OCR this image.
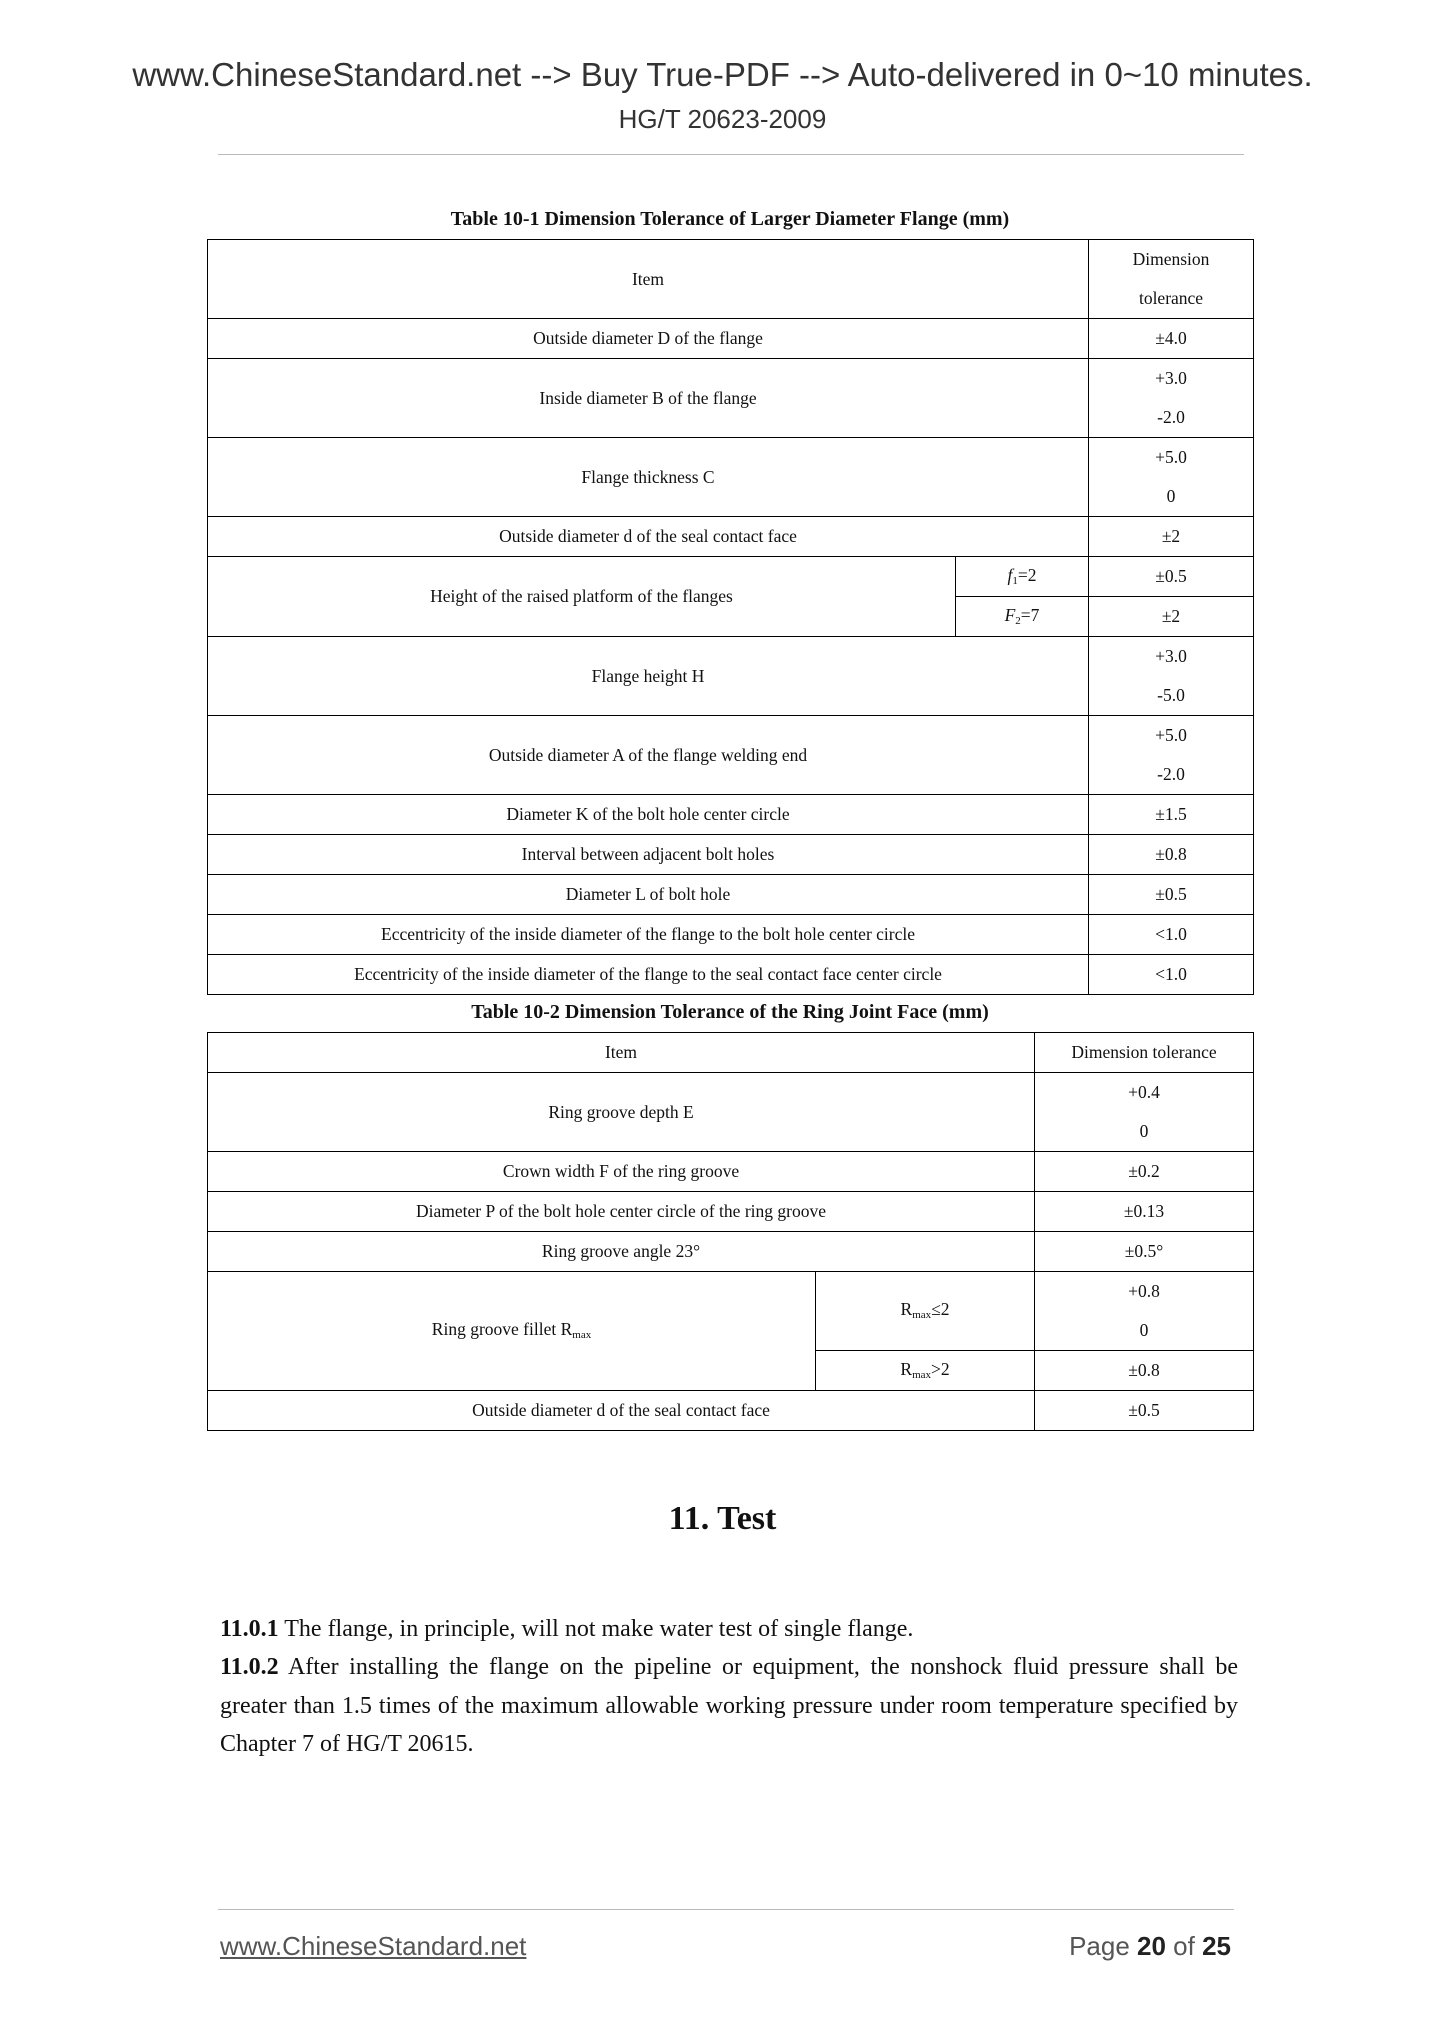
www.ChineseStandard.net --> Buy True-PDF --> Auto-delivered in 0~10 minutes.
HG/T 20623-2009
Table 10-1 Dimension Tolerance of Larger Diameter Flange (mm)
Item		Dimension
tolerance

Outside diameter D of the flange		±4.0
Inside diameter B of the flange		+3.0
-2.0

Flange thickness C		+5.0
0

Outside diameter d of the seal contact face		±2
Height of the raised platform of the flanges	$f_1=2$	±0.5
	$F_2=7$	±2
Flange height H		+3.0
-5.0

Outside diameter A of the flange welding end		+5.0
-2.0

Diameter K of the bolt hole center circle		±1.5
Interval between adjacent bolt holes		±0.8
Diameter L of bolt hole		±0.5
Eccentricity of the inside diameter of the flange to the bolt hole center circle		<1.0
Eccentricity of the inside diameter of the flange to the seal contact face center circle		<1.0
Table 10-2 Dimension Tolerance of the Ring Joint Face (mm)
Item		Dimension tolerance
Ring groove depth E		+0.4
0

Crown width F of the ring groove		±0.2
Diameter P of the bolt hole center circle of the ring groove		±0.13
Ring groove angle 23°		±0.5°
Ring groove fillet $R_{max}$	$R_{max}\le 2$	+0.8
0

	$R_{max}>2$	±0.8
Outside diameter d of the seal contact face		±0.5
11. Test
11.0.1 The flange, in principle, will not make water test of single flange.
11.0.2 After installing the flange on the pipeline or equipment, the nonshock fluid pressure shall be greater than 1.5 times of the maximum allowable working pressure under room temperature specified by Chapter 7 of HG/T 20615.
www.ChineseStandard.net	Page 20 of 25
